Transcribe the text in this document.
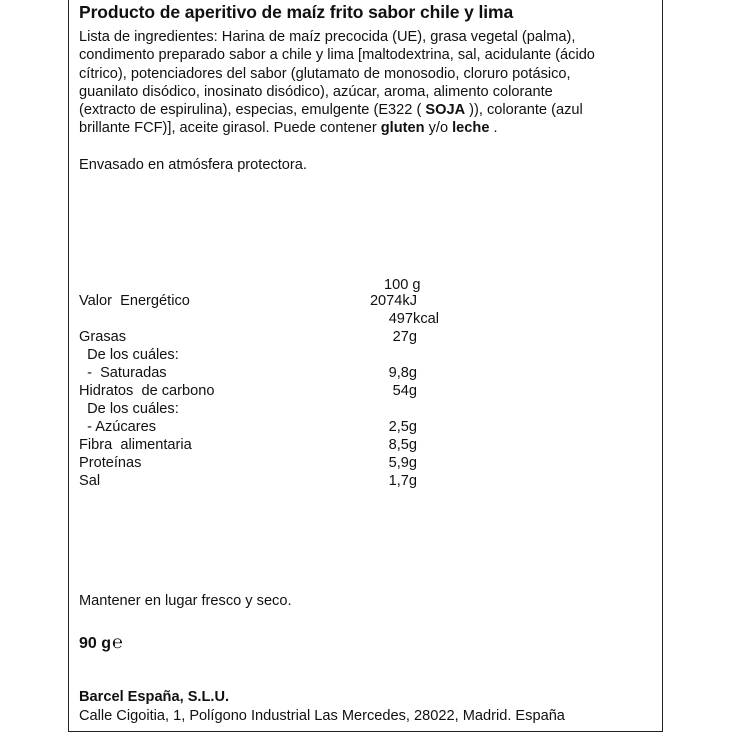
Producto de aperitivo de maíz frito sabor chile y lima
Lista de ingredientes: Harina de maíz precocida (UE), grasa vegetal (palma),
condimento preparado sabor a chile y lima [maltodextrina, sal, acidulante (ácido
cítrico), potenciadores del sabor (glutamato de monosodio, cloruro potásico,
guanilato disódico, inosinato disódico), azúcar, aroma, alimento colorante
(extracto de espirulina), especias, emulgente (E322 ( SOJA )), colorante (azul
brillante FCF)], aceite girasol. Puede contener gluten y/o leche .
Envasado en atmósfera protectora.
100 g
Valor  Energético	2074kJ
497kcal
Grasas	27g
De los cuáles:
-  Saturadas	9,8g
Hidratos  de carbono	54g
De los cuáles:
- Azúcares	2,5g
Fibra  alimentaria	8,5g
Proteínas	5,9g
Sal	1,7g
Mantener en lugar fresco y seco.
90 g℮
Barcel España, S.L.U.
Calle Cigoitia, 1, Polígono Industrial Las Mercedes, 28022, Madrid. España
